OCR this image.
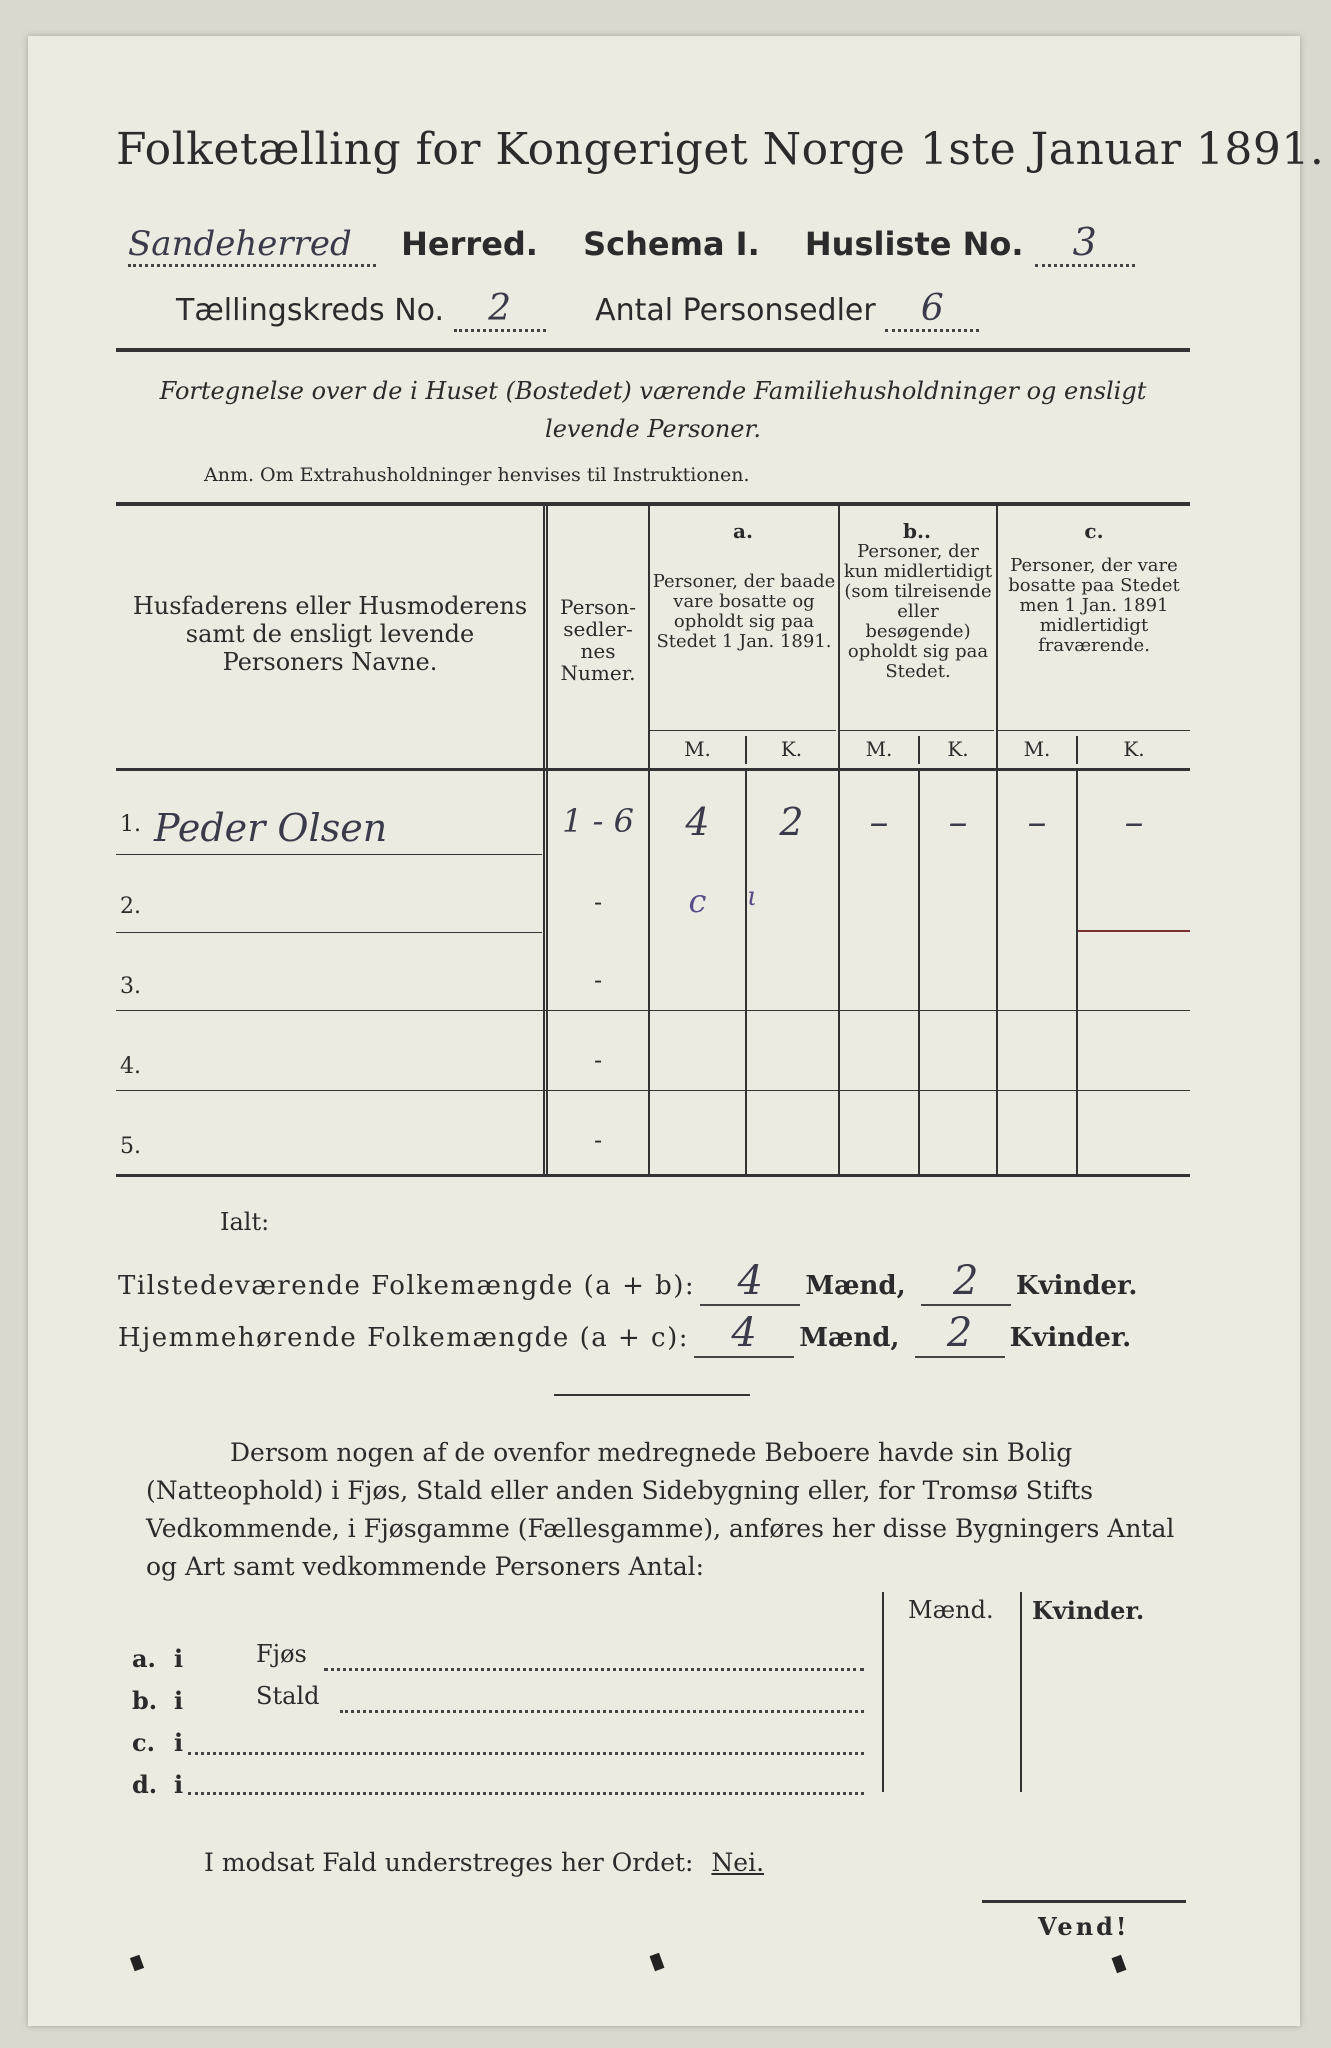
Folketælling for Kongeriget Norge 1ste Januar 1891.
Sandeherred Herred. Schema I. Husliste No. 3
Tællingskreds No. 2	Antal Personsedler 6
Fortegnelse over de i Huset (Bostedet) værende Familiehusholdninger og ensligt levende Personer.
Anm. Om Extrahusholdninger henvises til Instruktionen.
Husfaderens eller Husmoderens samt de ensligt levende Personers Navne.
Person-sedler-nes Numer.
a.
Personer, der baade vare bosatte og opholdt sig paa Stedet 1 Jan. 1891.
b..
Personer, der kun midlertidigt (som tilreisende eller besøgende) opholdt sig paa Stedet.
c.
Personer, der vare bosatte paa Stedet men 1 Jan. 1891 midlertidigt fraværende.
M.	K.	M.	K.	M.	K.
1. Peder Olsen	1 - 6	4	2	–	–	–	–
2.	-	c	ι
3.	-
4.	-
5.	-
Ialt:
Tilstedeværende Folkemængde (a + b): 4 Mænd, 2 Kvinder.
Hjemmehørende Folkemængde (a + c): 4 Mænd, 2 Kvinder.

Dersom nogen af de ovenfor medregnede Beboere havde sin Bolig (Natteophold) i Fjøs, Stald eller anden Sidebygning eller, for Tromsø Stifts Vedkommende, i Fjøsgamme (Fællesgamme), anføres her disse Bygningers Antal og Art samt vedkommende Personers Antal:

Mænd. Kvinder.
a. i	Fjøs
b. i	Stald
c. i
d. i
I modsat Fald understreges her Ordet: Nei.
Vend!
